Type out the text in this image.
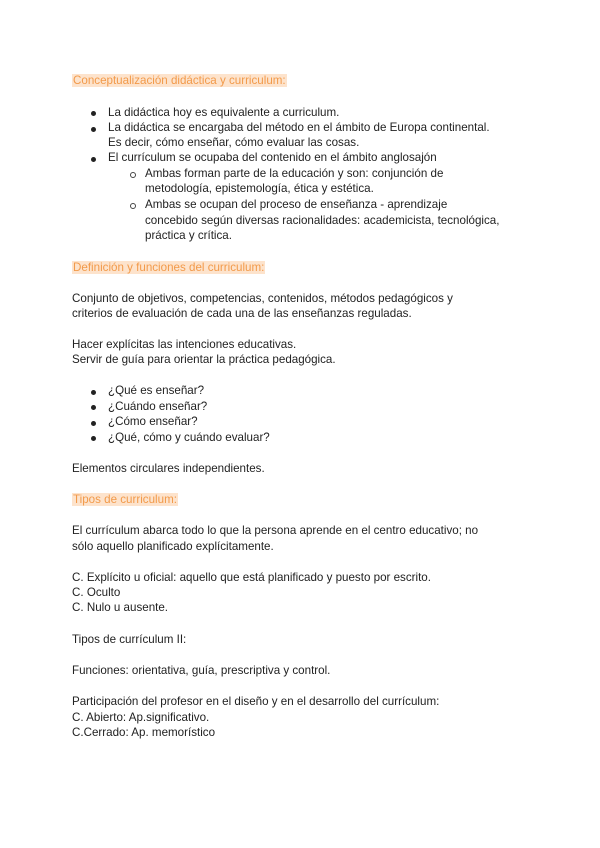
Conceptualización didáctica y curriculum:
La didáctica hoy es equivalente a curriculum.
La didáctica se encargaba del método en el ámbito de Europa continental.
Es decir, cómo enseñar, cómo evaluar las cosas.
El currículum se ocupaba del contenido en el ámbito anglosajón
Ambas forman parte de la educación y son: conjunción de
metodología, epistemología, ética y estética.
Ambas se ocupan del proceso de enseñanza - aprendizaje
concebido según diversas racionalidades: academicista, tecnológica,
práctica y crítica.
Definición y funciones del curriculum:
Conjunto de objetivos, competencias, contenidos, métodos pedagógicos y
criterios de evaluación de cada una de las enseñanzas reguladas.
Hacer explícitas las intenciones educativas.
Servir de guía para orientar la práctica pedagógica.
¿Qué es enseñar?
¿Cuándo enseñar?
¿Cómo enseñar?
¿Qué, cómo y cuándo evaluar?
Elementos circulares independientes.
Tipos de curriculum:
El currículum abarca todo lo que la persona aprende en el centro educativo; no
sólo aquello planificado explícitamente.
C. Explícito u oficial: aquello que está planificado y puesto por escrito.
C. Oculto
C. Nulo u ausente.
Tipos de currículum II:
Funciones: orientativa, guía, prescriptiva y control.
Participación del profesor en el diseño y en el desarrollo del currículum:
C. Abierto: Ap.significativo.
C.Cerrado: Ap. memorístico
